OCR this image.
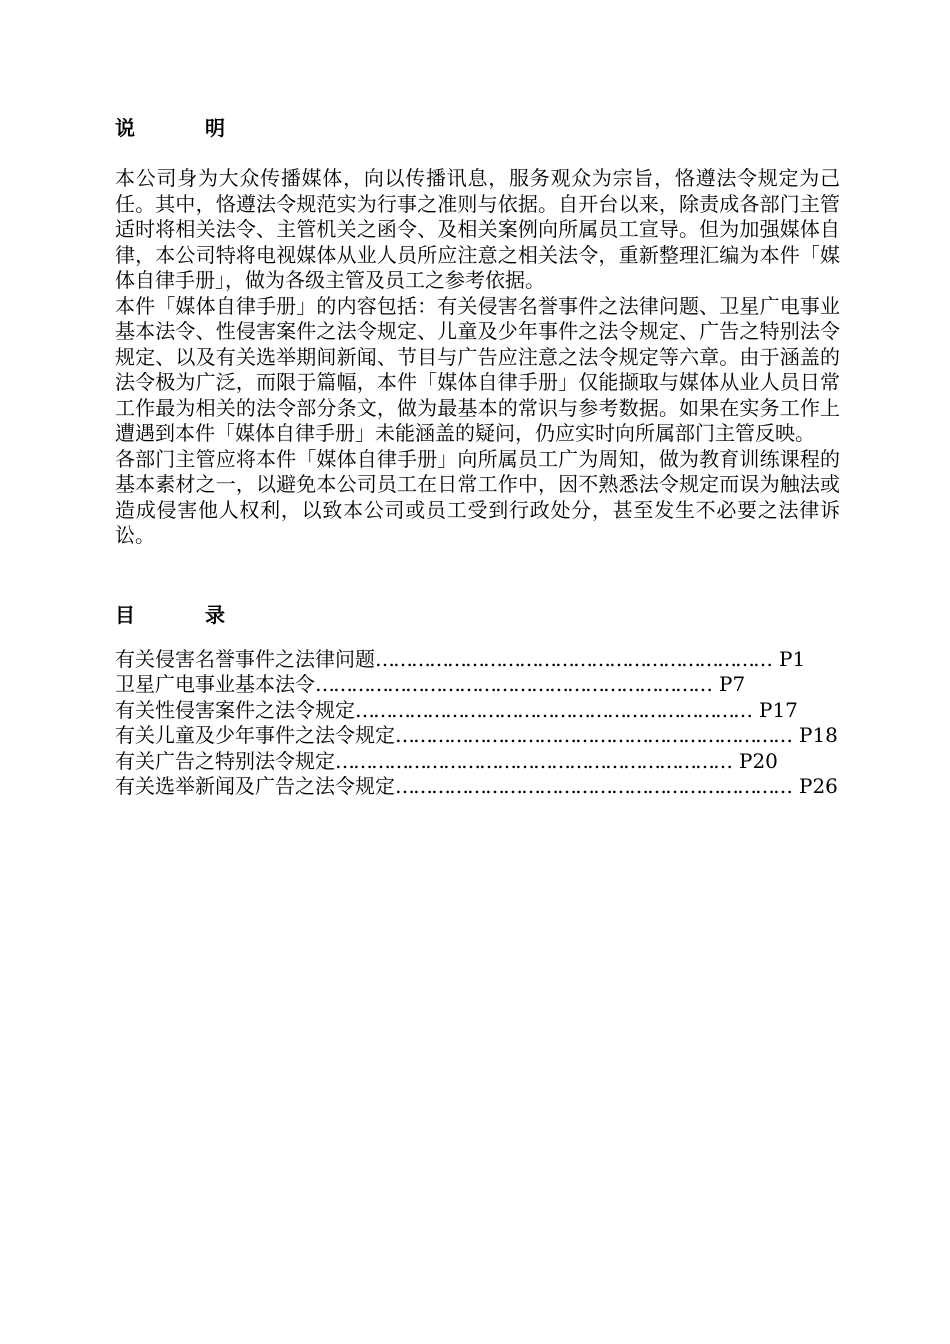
说	明

本公司身为大众传播媒体，向以传播讯息，服务观众为宗旨，恪遵法令规定为己任。其中，恪遵法令规范实为行事之准则与依据。自开台以来，除责成各部门主管适时将相关法令、主管机关之函令、及相关案例向所属员工宣导。但为加强媒体自律，本公司特将电视媒体从业人员所应注意之相关法令，重新整理汇编为本件「媒体自律手册」，做为各级主管及员工之参考依据。

本件「媒体自律手册」的内容包括：有关侵害名誉事件之法律问题、卫星广电事业基本法令、性侵害案件之法令规定、儿童及少年事件之法令规定、广告之特别法令规定、以及有关选举期间新闻、节目与广告应注意之法令规定等六章。由于涵盖的法令极为广泛，而限于篇幅，本件「媒体自律手册」仅能撷取与媒体从业人员日常工作最为相关的法令部分条文，做为最基本的常识与参考数据。如果在实务工作上遭遇到本件「媒体自律手册」未能涵盖的疑问，仍应实时向所属部门主管反映。

各部门主管应将本件「媒体自律手册」向所属员工广为周知，做为教育训练课程的基本素材之一，以避免本公司员工在日常工作中，因不熟悉法令规定而误为触法或造成侵害他人权利，以致本公司或员工受到行政处分，甚至发生不必要之法律诉讼。

目	录
有关侵害名誉事件之法律问题 ………………………………………………………… P1
卫星广电事业基本法令 ………………………………………………………… P7
有关性侵害案件之法令规定 ………………………………………………………… P17
有关儿童及少年事件之法令规定 ………………………………………………………… P18
有关广告之特别法令规定 ………………………………………………………… P20
有关选举新闻及广告之法令规定 ………………………………………………………… P26
